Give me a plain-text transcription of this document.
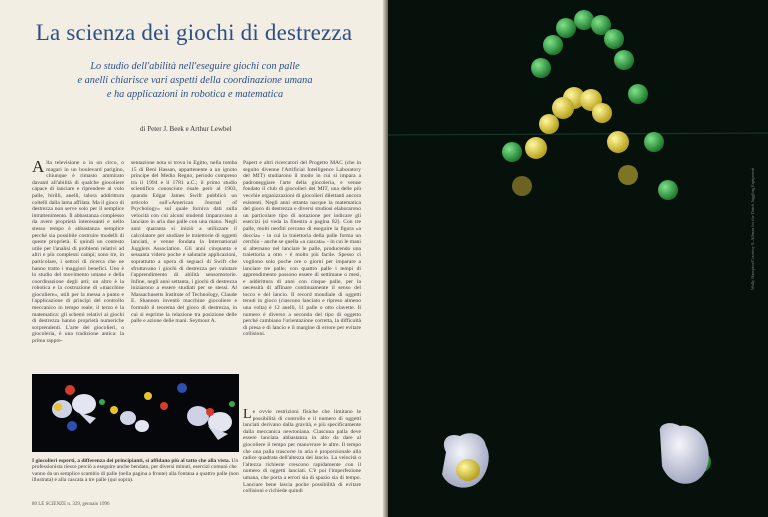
La scienza dei giochi di destrezza
Lo studio dell'abilità nell'eseguire giochi con palle
e anelli chiarisce vari aspetti della coordinazione umana
e ha applicazioni in robotica e matematica
di Peter J. Beek e Arthur Lewbel
A lla televisione o in un circo, o magari in un boulevard parigino, chiunque è rimasto ammirato davanti all'abilità di qualche giocoliere capace di lanciare e riprendere al volo palle, birilli, anelli, talora addirittura coltelli dalla lama affilata. Ma il gioco di destrezza non serve solo per il semplice intrattenimento. Il abbastanza complesso da avere proprietà interessanti e nello stesso tempo è abbastanza semplice perché sia possibile costruire modelli di queste proprietà. E quindi un contesto utile per l'analisi di problemi relativi ad altri e più complessi campi; sono tre, in particolare, i settori di ricerca che ne hanno tratto i maggiori benefici. Uno è lo studio del movimento umano e della coordinazione degli arti; un altro è la robotica e la costruzione di «macchine giocoliere», utili per la messa a punto e l'applicazione di principi del controllo meccanico in tempo reale; il terzo è la matematica: gli schemi relativi ai giochi di destrezza hanno proprietà numeriche sorprendenti. L'arte dei giocolieri, o giocoleria, è una tradizione antica: la prima rappre-
sentazione nota si trova in Egitto, nella tomba 15 di Beni Hassan, appartenente a un ignoto principe del Medio Regno, periodo compreso tra il 1994 e il 1781 a.C.; il primo studio scientifico conosciuto risale però al 1903, quando Edgar James Swift pubblicò un articolo sull'«American Journal of Psychology» sul quale forniva dati sulla velocità con cui alcuni studenti imparavano a lanciare in aria due palle con una mano. Negli anni quaranta si iniziò a utilizzare il calcolatore per studiare le traiettorie di oggetti lanciati, e venne fondata la International Jugglers Association. Gli anni cinquanta e sessanta videro poche e salutarie applicazioni, soprattutto a opera di seguaci di Swift che sfruttavano i giochi di destrezza per valutare l'apprendimento di abilità sensomotorie. Infine, negli anni settanta, i giochi di destrezza iniziarono a essere studiati per se stessi. Al Massachusetts Institute of Technology, Claude E. Shannon inventò macchine giocoliere e formulò il teorema del gioco di destrezza, in cui si esprime la relazione tra posizione delle palle e azione delle mani. Seymour A.
Papert e altri ricercatori del Progetto MAC (che in seguito divenne l'Artificial Intelligence Laboratory del MIT) studiarono il modo in cui si impara a padroneggiare l'arte della giocoleria, e venne fondato il club di giocolieri del MIT, una delle più vecchie organizzazioni di giocolieri dilettanti ancora esistenti. Negli anni ottanta nacque la matematica del gioco di destrezza e diversi studiosi elaborarono un particolare tipo di notazione per indicare gli esercizi (si veda la finestra a pagina 82). Con tre palle, molti neofiti cercano di eseguire la figura «a doccia» - in cui la traiettoria della palle forma un cerchio - anche se quella «a cascata» - in cui le mani si alternano nel lanciare le palle, producendo una traiettoria a otto - è molto più facile. Spesso ci vogliono solo poche ore o giorni per imparare a lanciare tre palle; con quattro palle i tempi di apprendimento possono essere di settimane o mesi, e addirittura di anni con cinque palle, per la necessità di affinare continuamente il senso del tocco e del lancio. Il record mondiale di oggetti tenuti in gioco (ciascuno lanciato e ripreso almeno una volta) è 12 anelli, 11 palle o otto clavette. Il numero è diverso a seconda del tipo di oggetto perché cambiano l'orientazione corretta, la difficoltà di presa e di lancio e il margine di errore per evitare collisioni.
L e ovvie restrizioni fisiche che limitano le possibilità di controllo e il numero di oggetti lanciati derivano dalla gravità, e più specificamente dalla meccanica newtoniana. Ciascuna palla deve essere lanciata abbastanza in alto da dare al giocoliere il tempo per manovrare le altre. Il tempo che una palla trascorre in aria è proporzionale alla radice quadrata dell'altezza del lancio. La velocità o l'altezza richieste crescono rapidamente con il numero di oggetti lanciati. C'è poi l'imperfezione umana, che porta a errori sia di spazio sia di tempo. Lanciare bene lascia poche possibilità di evitare collisioni e richiede quindi
I giocolieri esperti, a differenza dei principianti, si affidano più al tatto che alla vista. Un professionista riesce perciò a eseguire anche bendato, per diversi minuti, esercizi comuni che vanno da un semplice scambio di palle (nella pagina a fronte) alla fontana a quattro palle (non illustrata) e alla cascata a tre palle (qui sopra).
80 LE SCIENZE n. 329, gennaio 1996
Wally Hampton/Courtesy S. Allman for the Dutch Juggling Equipment
